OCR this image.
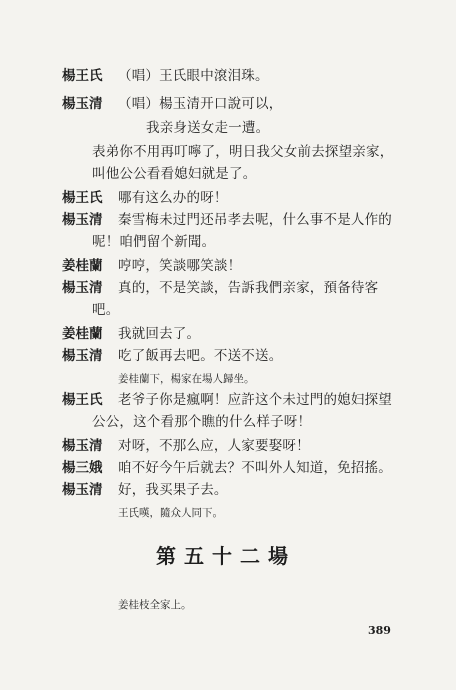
楊王氏 （唱）王氏眼中滾泪珠。
楊玉清 （唱）楊玉清开口說可以，
我亲身送女走一遭。
表弟你不用再叮嚀了，明日我父女前去探望亲家，
叫他公公看看媳妇就是了。
楊王氏 哪有这么办的呀！
楊玉清 秦雪梅未过門还吊孝去呢，什么事不是人作的
呢！咱們留个新聞。
姜桂蘭 哼哼，笑談哪笑談！
楊玉清 真的，不是笑談，告訴我們亲家，預备待客
吧。
姜桂蘭 我就回去了。
楊玉清 吃了飯再去吧。不送不送。
姜桂蘭下，楊家在場人歸坐。
楊王氏 老爷子你是瘋啊！应許这个未过門的媳妇探望
公公，这个看那个瞧的什么样子呀！
楊玉清 对呀，不那么应，人家要娶呀！
楊三娥 咱不好今午后就去？不叫外人知道，免招搖。
楊玉清 好，我买果子去。
王氏嘆，隨众人同下。
第五十二場
姜桂枝全家上。
389
